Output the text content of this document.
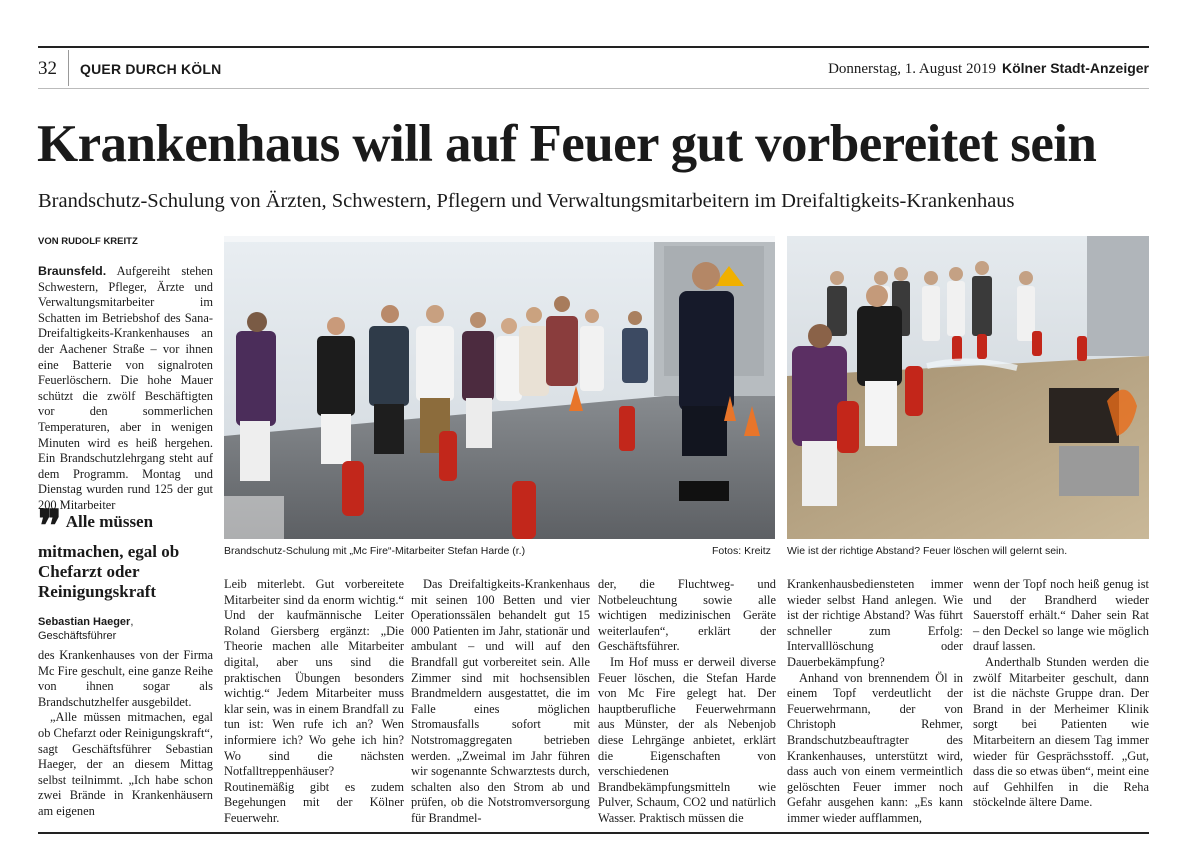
32 QUER DURCH KÖLN	Donnerstag, 1. August 2019 Kölner Stadt-Anzeiger
Krankenhaus will auf Feuer gut vorbereitet sein
Brandschutz-Schulung von Ärzten, Schwestern, Pflegern und Verwaltungsmitarbeitern im Dreifaltigkeits-Krankenhaus
VON RUDOLF KREITZ

Braunsfeld. Aufgereiht stehen Schwestern, Pfleger, Ärzte und Verwaltungsmitarbeiter im Schatten im Betriebshof des Sana-Dreifaltigkeits-Krankenhauses an der Aachener Straße – vor ihnen eine Batterie von signalroten Feuerlöschern. Die hohe Mauer schützt die zwölf Beschäftigten vor den sommerlichen Temperaturen, aber in wenigen Minuten wird es heiß hergehen. Ein Brandschutzlehrgang steht auf dem Programm. Montag und Dienstag wurden rund 125 der gut 200 Mitarbeiter

❞ Alle müssen mitmachen, egal ob Chefarzt oder Reinigungskraft
Sebastian Haeger,
Geschäftsführer

des Krankenhauses von der Firma Mc Fire geschult, eine ganze Reihe von ihnen sogar als Brandschutzhelfer ausgebildet.

„Alle müssen mitmachen, egal ob Chefarzt oder Reinigungskraft“, sagt Geschäftsführer Sebastian Haeger, der an diesem Mittag selbst teilnimmt. „Ich habe schon zwei Brände in Krankenhäusern am eigenen

Brandschutz-Schulung mit „Mc Fire“-Mitarbeiter Stefan Harde (r.)	Fotos: Kreitz Wie ist der richtige Abstand? Feuer löschen will gelernt sein.

Leib miterlebt. Gut vorbereitete Mitarbeiter sind da enorm wichtig.“ Und der kaufmännische Leiter Roland Giersberg ergänzt: „Die Theorie machen alle Mitarbeiter digital, aber uns sind die praktischen Übungen besonders wichtig.“ Jedem Mitarbeiter muss klar sein, was in einem Brandfall zu tun ist: Wen rufe ich an? Wen informiere ich? Wo gehe ich hin? Wo sind die nächsten Notfalltreppenhäuser? Routinemäßig gibt es zudem Begehungen mit der Kölner Feuerwehr.

Das Dreifaltigkeits-Krankenhaus mit seinen 100 Betten und vier Operationssälen behandelt gut 15 000 Patienten im Jahr, stationär und ambulant – und will auf den Brandfall gut vorbereitet sein. Alle Zimmer sind mit hochsensiblen Brandmeldern ausgestattet, die im Falle eines möglichen Stromausfalls sofort mit Notstromaggregaten betrieben werden. „Zweimal im Jahr führen wir sogenannte Schwarztests durch, schalten also den Strom ab und prüfen, ob die Notstromversorgung für Brandmel-

der, die Fluchtweg- und Notbeleuchtung sowie alle wichtigen medizinischen Geräte weiterlaufen“, erklärt der Geschäftsführer.

Im Hof muss er derweil diverse Feuer löschen, die Stefan Harde von Mc Fire gelegt hat. Der hauptberufliche Feuerwehrmann aus Münster, der als Nebenjob diese Lehrgänge anbietet, erklärt die Eigenschaften von verschiedenen Brandbekämpfungsmitteln wie Pulver, Schaum, CO2 und natürlich Wasser. Praktisch müssen die

Krankenhausbediensteten immer wieder selbst Hand anlegen. Wie ist der richtige Abstand? Was führt schneller zum Erfolg: Intervalllöschung oder Dauerbekämpfung?

Anhand von brennendem Öl in einem Topf verdeutlicht der Feuerwehrmann, der von Christoph Rehmer, Brandschutzbeauftragter des Krankenhauses, unterstützt wird, dass auch von einem vermeintlich gelöschten Feuer immer noch Gefahr ausgehen kann: „Es kann immer wieder aufflammen,

wenn der Topf noch heiß genug ist und der Brandherd wieder Sauerstoff erhält.“ Daher sein Rat – den Deckel so lange wie möglich drauf lassen.

Anderthalb Stunden werden die zwölf Mitarbeiter geschult, dann ist die nächste Gruppe dran. Der Brand in der Merheimer Klinik sorgt bei Patienten wie Mitarbeitern an diesem Tag immer wieder für Gesprächsstoff. „Gut, dass die so etwas üben“, meint eine auf Gehhilfen in die Reha stöckelnde ältere Dame.
